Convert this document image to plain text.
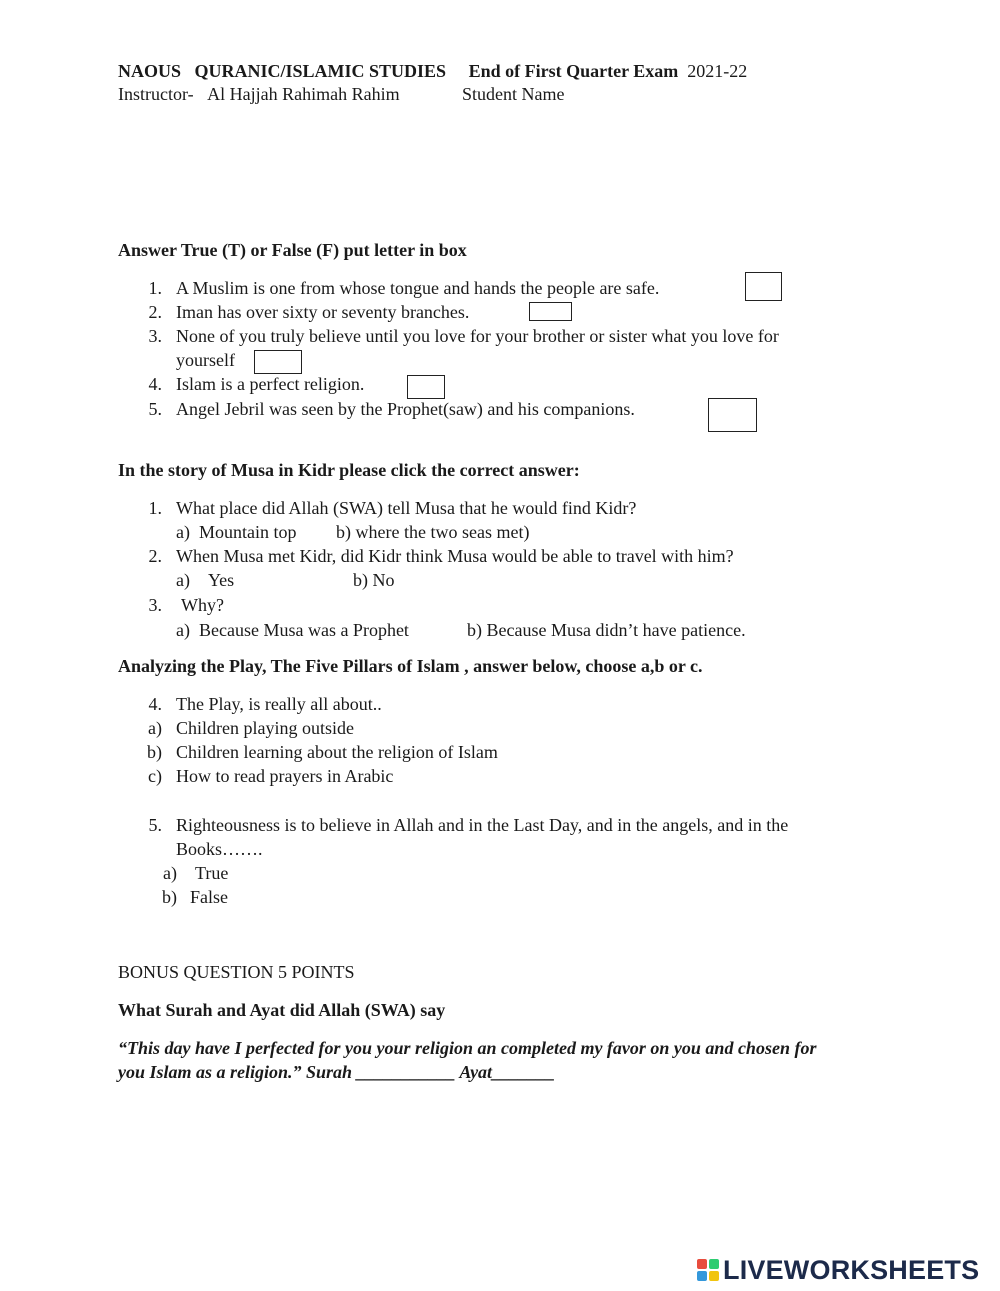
NAOUS QURANIC/ISLAMIC STUDIES End of First Quarter Exam 2021-22
Instructor- Al Hajjah Rahimah Rahim	Student Name
Answer True (T) or False (F) put letter in box
1. A Muslim is one from whose tongue and hands the people are safe.
2. Iman has over sixty or seventy branches.
3. None of you truly believe until you love for your brother or sister what you love for
yourself
4. Islam is a perfect religion.
5. Angel Jebril was seen by the Prophet(saw) and his companions.
In the story of Musa in Kidr please click the correct answer:
1. What place did Allah (SWA) tell Musa that he would find Kidr?
a) Mountain top b) where the two seas met)
2. When Musa met Kidr, did Kidr think Musa would be able to travel with him?
a) Yes	b) No
3. Why?
a) Because Musa was a Prophet	b) Because Musa didn’t have patience.
Analyzing the Play, The Five Pillars of Islam , answer below, choose a,b or c.
4. The Play, is really all about..
a) Children playing outside
b) Children learning about the religion of Islam
c) How to read prayers in Arabic
5. Righteousness is to believe in Allah and in the Last Day, and in the angels, and in the
Books…….
a) True
b) False
BONUS QUESTION 5 POINTS
What Surah and Ayat did Allah (SWA) say
“This day have I perfected for you your religion an completed my favor on you and chosen for
you Islam as a religion.” Surah ___________ Ayat_______
LIVEWORKSHEETS
